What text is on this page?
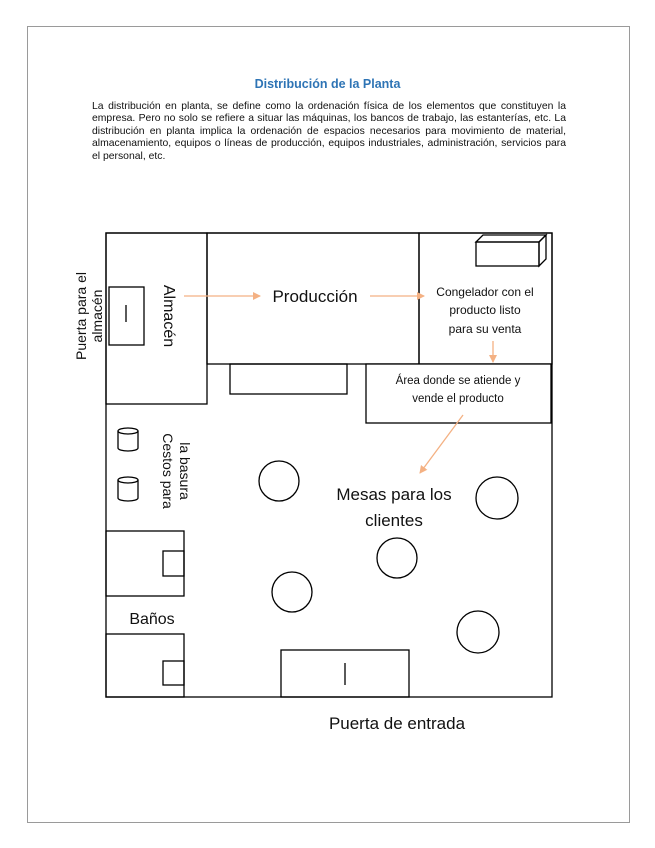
Distribución de la Planta

La distribución en planta, se define como la ordenación física de los elementos que constituyen la empresa. Pero no solo se refiere a situar las máquinas, los bancos de trabajo, las estanterías, etc. La distribución en planta implica la ordenación de espacios necesarios para movimiento de material, almacenamiento, equipos o líneas de producción, equipos industriales, administración, servicios para el personal, etc.

Almacén
Puerta para el almacén	Producción	Congelador con el
producto listo
para su venta
Área donde se atiende y
vende el producto
Cestos para la basura	Mesas para los
clientes
Baños
Puerta de entrada
